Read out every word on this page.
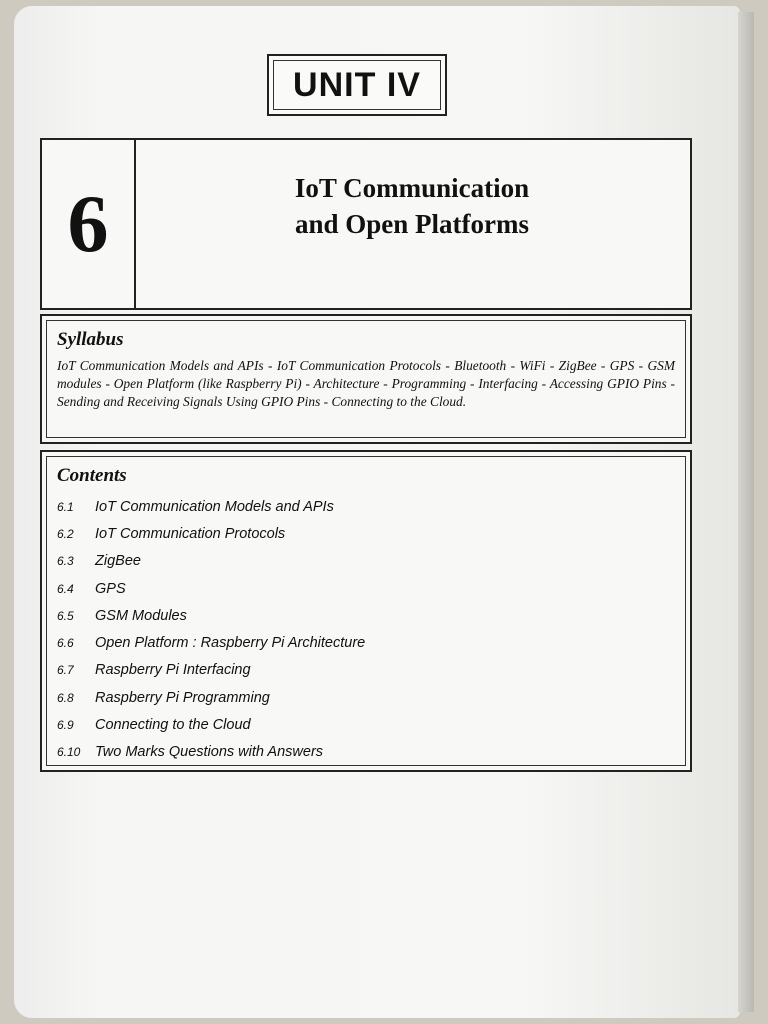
UNIT IV
6	IoT Communication
and Open Platforms
Syllabus
IoT Communication Models and APIs - IoT Communication Protocols - Bluetooth - WiFi - ZigBee - GPS - GSM modules - Open Platform (like Raspberry Pi) - Architecture - Programming - Interfacing - Accessing GPIO Pins - Sending and Receiving Signals Using GPIO Pins - Connecting to the Cloud.
Contents
6.1	IoT Communication Models and APIs
6.2	IoT Communication Protocols
6.3	ZigBee
6.4	GPS
6.5	GSM Modules
6.6	Open Platform : Raspberry Pi Architecture
6.7	Raspberry Pi Interfacing
6.8	Raspberry Pi Programming
6.9	Connecting to the Cloud
6.10	Two Marks Questions with Answers
